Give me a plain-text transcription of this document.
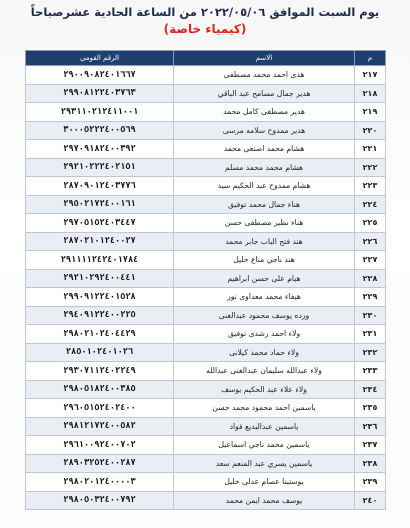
يوم السبت الموافق ٢٠٢٢/٠٥/٠٦ من الساعة الحادية عشرصباحاً
(كيمياء خاصة)
الرقم القومى	الاسم	م
٢٩٠٠٩٠٨٢٤٠١٦٦٧	هدى احمد محمد مصطفى	٢١٧
٢٩٩٠٨١٢٢٤٠٣٧٦٣	هدير جمال مسامح عبد الباقي	٢١٨
٢٩٣١١٠٢١٢٤١١٠٠١	هدير مصطفى كامل محمد	٢١٩
٣٠٠٠٥٢٢٢٤٠٠٥٦٩	هدير ممدوح سلامه مرسى	٢٢٠
٢٩٧٠٩١٨٢٤٠٠٣٩٢	هشام محمد اصنعى محمد	٢٢١
٢٩٢١٠٢٢٢٤٠٢١٥١	هشام محمد محمد مسلم	٢٢٢
٢٨٧٠٩٠١٢٤٠٣٧٧٦	هشام ممدوح عبد الحكيم سيد	٢٢٣
٢٩٥٠٢١٧٢٤٠٠١٦١	هناء جمال محمد توفيق	٢٢٤
٢٩٧٠٥١٥٢٤٠٣٤٤٧	هناء نظير مصطفى حسن	٢٢٥
٢٨٧٠٢١٠١٢٤٠٠٢٧	هند فتح الباب جابر محمد	٢٢٦
٢٩١١١١٢٤٢٤٠١٧٨٤	هند ناجي مناع خليل	٢٢٧
٢٩٢١٠٢٩٢٤٠٠٤٤١	هيام على حسن ابراهيم	٢٢٨
٢٩٩٠٩١٢٢٤٠١٥٢٨	هيفاء محمد معداوى نور	٢٢٩
٢٩٤٠٩١٢٢٤٠٠٢٢٥	ورده يوسف محمود عبدالغنى	٢٣٠
٢٩٨٠٢١٠٢٤٠٤٤٢٩	ولاء احمد رشدى توفيق	٢٣١
٢٨٥٠١٠٢٤٠١٠٢٦	ولاء حماد محمد كيلانى	٢٣٢
٢٩٣٠٧١١٢٤٠٢٢٤٩	ولاء عبدالله سليمان عبدالغنى عبدالله	٢٣٣
٢٩٨٠٥١٨٢٤٠٠٣٨٥	ولاء علاء عبد الحكيم يوسف	٢٣٤
٢٩٦٠٥١٥٢٤٠٢٤٠٠	ياسمين احمد محمود محمد حسن	٢٣٥
٢٩٨١٢١٧٢٤٠٠٥٨٢	ياسمين عبدالبديع فواد	٢٣٦
٢٩٦١٠٠٩٢٤٠٠٧٠٢	ياسمين محمد ناجي اسماعيل	٢٣٧
٢٨٩٠٣٢٥٢٤٠٠٢٨٧	ياسمين يسري عبد المنعم سعد	٢٣٨
٢٩٨٠٢٠١٢٤٠٠٠٠٣	يوستينا عصام عدلى خليل	٢٣٩
٢٩٨٠٥٠٣٢٤٠٠٧٩٢	يوسف محمد ايمن محمد	٢٤٠
